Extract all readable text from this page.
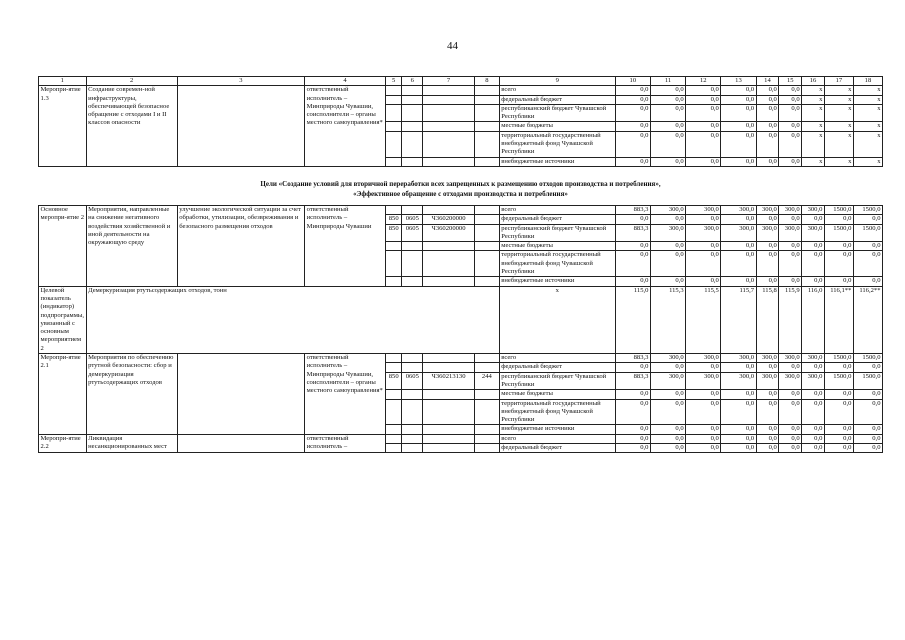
44
1	2	3	4	5	6	7	8	9	10	11	12	13	14	15	16	17	18
Меропри-ятие 1.3	Создание современ-ной инфраструктуры, обеспечивающей безопасное обращение с отходами I и II классов опасности		ответственный исполнитель – Минприроды Чувашии, соисполнители – органы местного самоуправления*					всего	0,0	0,0	0,0	0,0	0,0	0,0	х	х	х
								федеральный бюджет	0,0	0,0	0,0	0,0	0,0	0,0	х	х	х
								республиканский бюджет Чувашской Республики	0,0	0,0	0,0	0,0	0,0	0,0	х	х	х
								местные бюджеты	0,0	0,0	0,0	0,0	0,0	0,0	х	х	х
								территориальный государственный внебюджетный фонд Чувашской Республики	0,0	0,0	0,0	0,0	0,0	0,0	х	х	х
								внебюджетные источники	0,0	0,0	0,0	0,0	0,0	0,0	х	х	х

Цели «Создание условий для вторичной переработки всех запрещенных к размещению отходов производства и потребления»,																	
«Эффективное обращение с отходами производства и потребления»																	
Основное меропри-ятие 2	Мероприятия, направленные на снижение негативного воздействия хозяйственной и иной деятельности на окружающую среду	улучшение экологической ситуации за счет обработки, утилизации, обезвреживания и безопасного размещения отходов	ответственный исполнитель – Минприроды Чувашии					всего	883,3	300,0	300,0	300,0	300,0	300,0	300,0	1500,0	1500,0
				850	0605	Ч360200000		федеральный бюджет	0,0	0,0	0,0	0,0	0,0	0,0	0,0	0,0	0,0
				850	0605	Ч360200000		республиканский бюджет Чувашской Республики	883,3	300,0	300,0	300,0	300,0	300,0	300,0	1500,0	1500,0
								местные бюджеты	0,0	0,0	0,0	0,0	0,0	0,0	0,0	0,0	0,0
								территориальный государственный внебюджетный фонд Чувашской Республики	0,0	0,0	0,0	0,0	0,0	0,0	0,0	0,0	0,0
								внебюджетные источники	0,0	0,0	0,0	0,0	0,0	0,0	0,0	0,0	0,0
Целевой показатель (индикатор) подпрограммы, увязанный с основным мероприятием 2	Демеркуризация ртутьсодержащих отходов, тонн							х	115,0	115,3	115,5	115,7	115,8	115,9	116,0	116,1**	116,2**
Меропри-ятие 2.1	Мероприятия по обеспечению ртутной безопасности: сбор и демеркуризация ртутьсодержащих отходов		ответственный исполнитель – Минприроды Чувашии, соисполнители – органы местного самоуправления*					всего	883,3	300,0	300,0	300,0	300,0	300,0	300,0	1500,0	1500,0
								федеральный бюджет	0,0	0,0	0,0	0,0	0,0	0,0	0,0	0,0	0,0
				850	0605	Ч360213130	244	республиканский бюджет Чувашской Республики	883,3	300,0	300,0	300,0	300,0	300,0	300,0	1500,0	1500,0
								местные бюджеты	0,0	0,0	0,0	0,0	0,0	0,0	0,0	0,0	0,0
								территориальный государственный внебюджетный фонд Чувашской Республики	0,0	0,0	0,0	0,0	0,0	0,0	0,0	0,0	0,0
								внебюджетные источники	0,0	0,0	0,0	0,0	0,0	0,0	0,0	0,0	0,0
Меропри-ятие 2.2	Ликвидация несанкционированных мест		ответственный исполнитель –					всего	0,0	0,0	0,0	0,0	0,0	0,0	0,0	0,0	0,0
								федеральный бюджет	0,0	0,0	0,0	0,0	0,0	0,0	0,0	0,0	0,0
